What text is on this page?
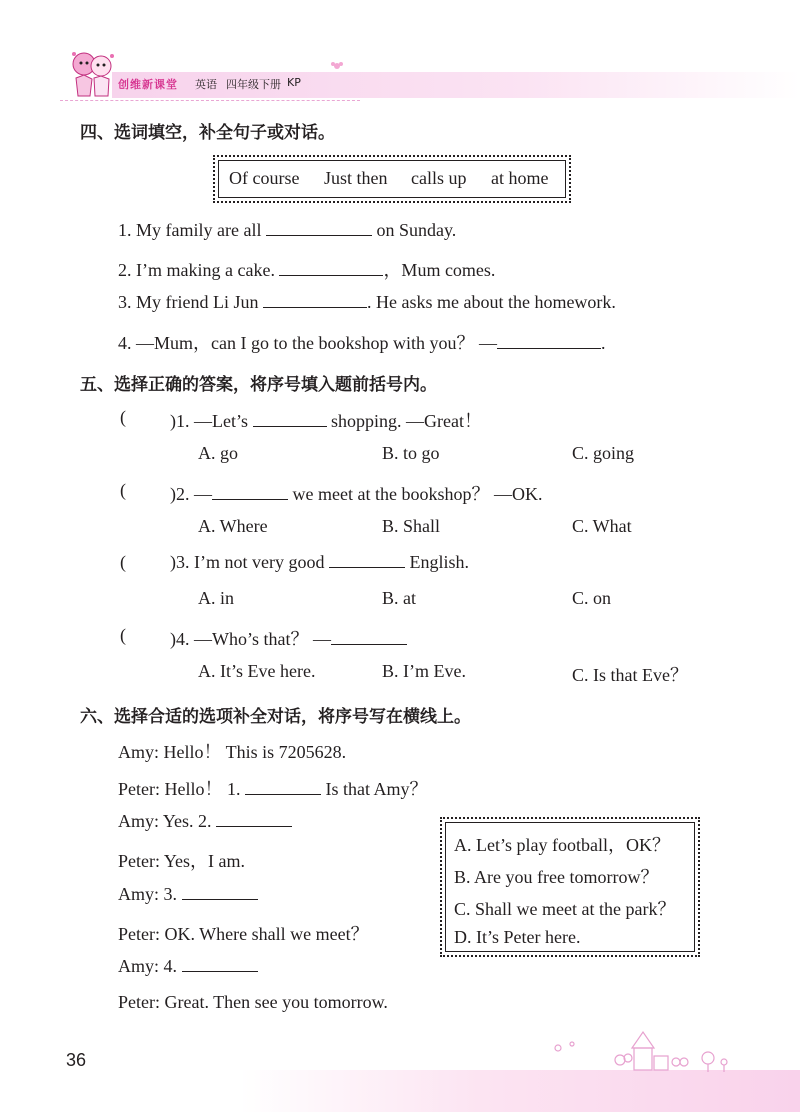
创维新课堂 英语 四年级 下册 KP
四、选词填空，补全句子或对话。
Of course Just then calls up at home
1. My family are all	on Sunday.
2. I’m making a cake.	，Mum comes.
3. My friend Li Jun	. He asks me about the homework.
4. —Mum，can I go to the bookshop with you？ —	.
五、选择正确的答案，将序号填入题前括号内。
( )1. —Let’s	shopping. —Great！
A. go	B. to go	C. going
( )2. —	we meet at the bookshop？ —OK.
A. Where	B. Shall	C. What
( )3. I’m not very good	English.
A. in	B. at	C. on
( )4. —Who’s that？ —
A. It’s Eve here.	B. I’m Eve.	C. Is that Eve？
六、选择合适的选项补全对话，将序号写在横线上。
Amy: Hello！ This is 7205628.
Peter: Hello！ 1.	Is that Amy？
Amy: Yes. 2.
Peter: Yes，I am.
Amy: 3.
Peter: OK. Where shall we meet？
Amy: 4.
Peter: Great. Then see you tomorrow.
A. Let’s play football，OK？
B. Are you free tomorrow？
C. Shall we meet at the park？
D. It’s Peter here.
36
